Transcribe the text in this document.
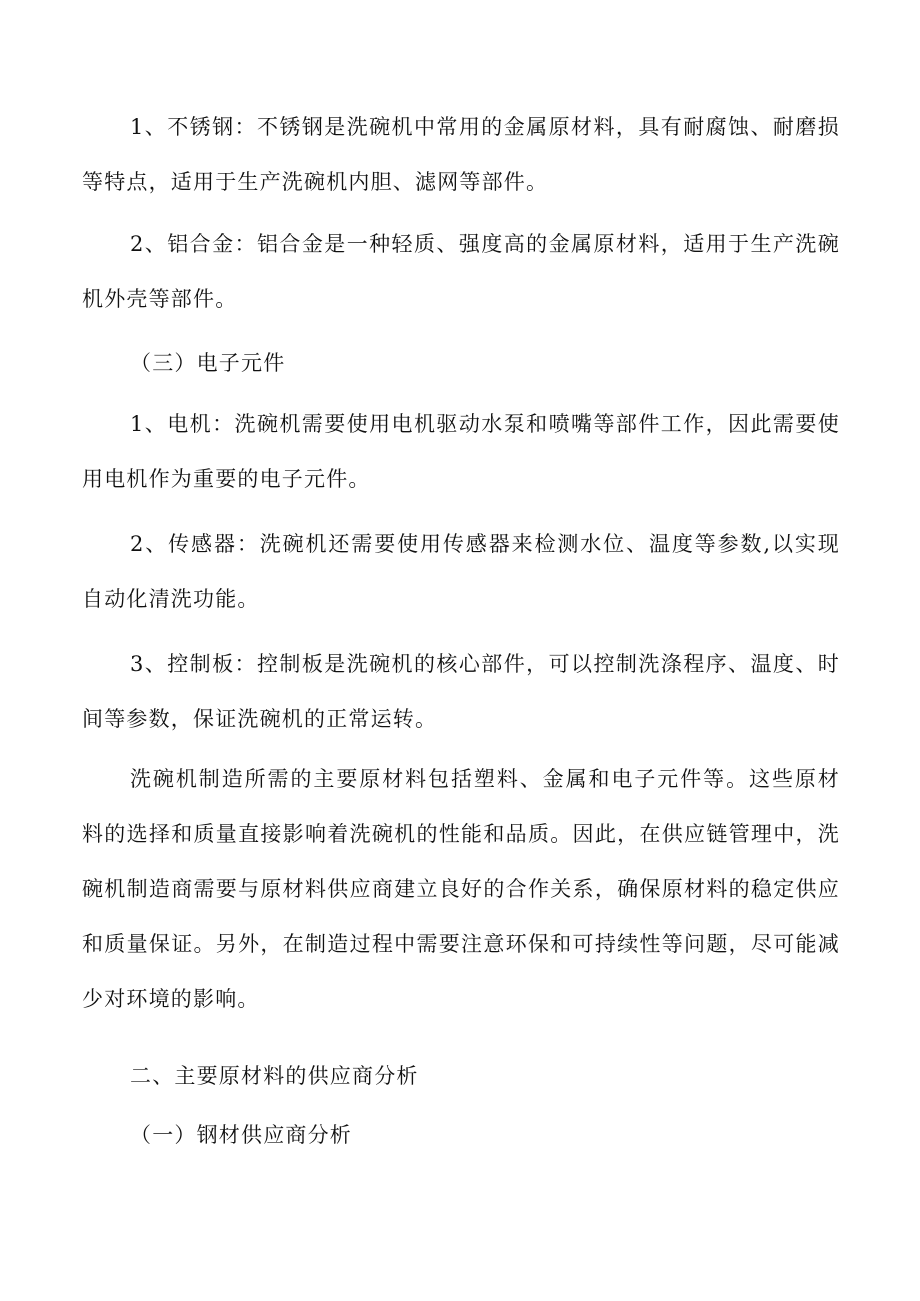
1、不锈钢：不锈钢是洗碗机中常用的金属原材料，具有耐腐蚀、耐磨损等特点，适用于生产洗碗机内胆、滤网等部件。

2、铝合金：铝合金是一种轻质、强度高的金属原材料，适用于生产洗碗机外壳等部件。

（三）电子元件

1、电机：洗碗机需要使用电机驱动水泵和喷嘴等部件工作，因此需要使用电机作为重要的电子元件。

2、传感器：洗碗机还需要使用传感器来检测水位、温度等参数,以实现自动化清洗功能。

3、控制板：控制板是洗碗机的核心部件，可以控制洗涤程序、温度、时间等参数，保证洗碗机的正常运转。

洗碗机制造所需的主要原材料包括塑料、金属和电子元件等。这些原材料的选择和质量直接影响着洗碗机的性能和品质。因此，在供应链管理中，洗碗机制造商需要与原材料供应商建立良好的合作关系，确保原材料的稳定供应和质量保证。另外，在制造过程中需要注意环保和可持续性等问题，尽可能减少对环境的影响。

二、主要原材料的供应商分析

（一）钢材供应商分析
